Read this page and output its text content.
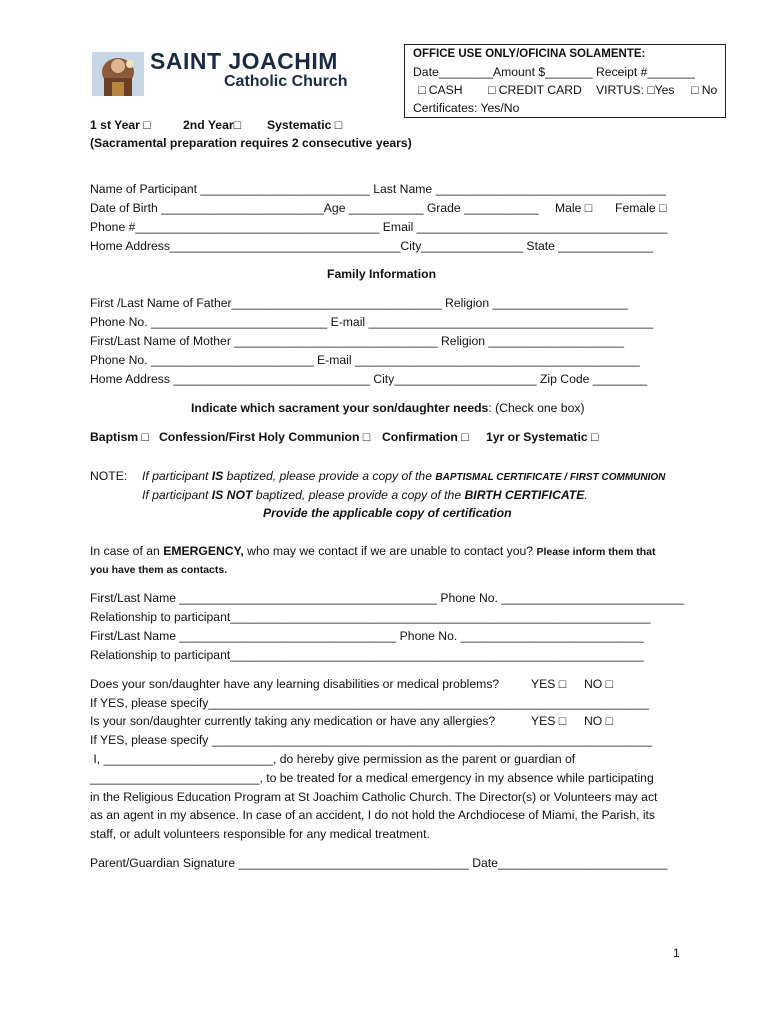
SAINT JOACHIM
Catholic Church
OFFICE USE ONLY/OFICINA SOLAMENTE:
Date________Amount $_______ Receipt #_______
□ CASH □ CREDIT CARD VIRTUS: □Yes □ No
Certificates: Yes/No
1 st Year □	2nd Year□ Systematic □
(Sacramental preparation requires 2 consecutive years)
Name of Participant _________________________ Last Name __________________________________
Date of Birth ________________________Age ___________ Grade ___________ Male □ Female □
Phone #____________________________________ Email _____________________________________
Home Address__________________________________City_______________ State ______________
Family Information
First /Last Name of Father_______________________________ Religion ____________________
Phone No. __________________________ E-mail __________________________________________
First/Last Name of Mother ______________________________ Religion ____________________
Phone No. ________________________ E-mail __________________________________________
Home Address _____________________________ City_____________________ Zip Code ________
Indicate which sacrament your son/daughter needs: (Check one box)
Baptism □ Confession/First Holy Communion □ Confirmation □ 1yr or Systematic □
NOTE: If participant IS baptized, please provide a copy of the BAPTISMAL CERTIFICATE / FIRST COMMUNION
If participant IS NOT baptized, please provide a copy of the BIRTH CERTIFICATE.
Provide the applicable copy of certification
In case of an EMERGENCY, who may we contact if we are unable to contact you? Please inform them that
you have them as contacts.
First/Last Name ______________________________________ Phone No. ___________________________
Relationship to participant______________________________________________________________
First/Last Name ________________________________ Phone No. ___________________________
Relationship to participant_____________________________________________________________
Does your son/daughter have any learning disabilities or medical problems?	YES □ NO □
If YES, please specify_________________________________________________________________
Is your son/daughter currently taking any medication or have any allergies?	YES □ NO □
If YES, please specify _________________________________________________________________
I, _________________________, do hereby give permission as the parent or guardian of
_________________________, to be treated for a medical emergency in my absence while participating
in the Religious Education Program at St Joachim Catholic Church. The Director(s) or Volunteers may act
as an agent in my absence. In case of an accident, I do not hold the Archdiocese of Miami, the Parish, its
staff, or adult volunteers responsible for any medical treatment.
Parent/Guardian Signature __________________________________ Date_________________________
1
